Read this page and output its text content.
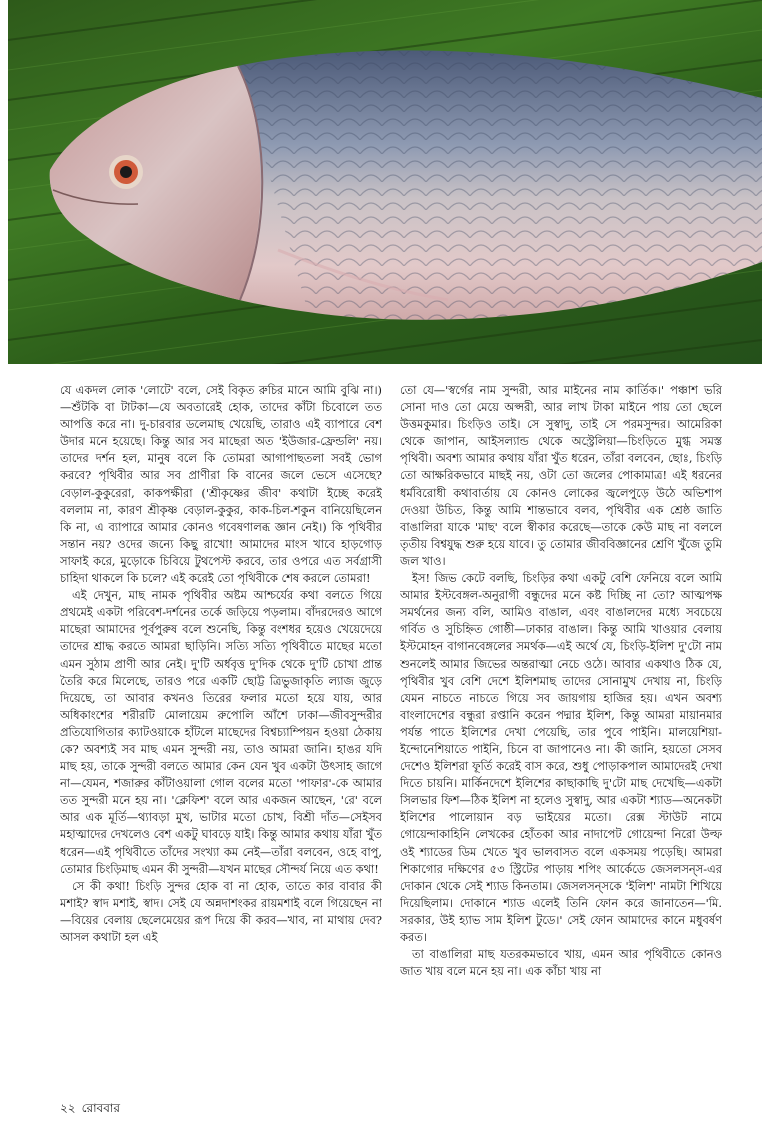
যে একদল লোক 'লোটে' বলে, সেই বিকৃত রুচির মানে আমি বুঝি না।)—শুঁটকি বা টাটকা—যে অবতারেই হোক, তাদের কাঁটা চিবোলে তত আপত্তি করে না। দু-চারবার ডলেমাছ খেয়েছি, তারাও এই ব্যাপারে বেশ উদার মনে হয়েছে। কিন্তু আর সব মাছেরা অত 'ইউজার-ফ্রেন্ডলি' নয়। তাদের দর্শন হল, মানুষ বলে কি তোমরা আগাপাছতলা সবই ভোগ করবে? পৃথিবীর আর সব প্রাণীরা কি বানের জলে ভেসে এসেছে? বেড়াল-কুকুরেরা, কাকপক্ষীরা ('শ্রীকৃষ্ণের জীব' কথাটা ইচ্ছে করেই বললাম না, কারণ শ্রীকৃষ্ণ বেড়াল-কুকুর, কাক-চিল-শকুন বানিয়েছিলেন কি না, এ ব্যাপারে আমার কোনও গবেষণালব্ধ জ্ঞান নেই।) কি পৃথিবীর সন্তান নয়? ওদের জন্যে কিছু রাখো! আমাদের মাংস খাবে হাড়গোড় সাফাই করে, মুড়োকে চিবিয়ে টুথপেস্ট করবে, তার ওপরে এত সর্বগ্রাসী চাহিদা থাকলে কি চলে? এই করেই তো পৃথিবীকে শেষ করলে তোমরা!

এই দেখুন, মাছ নামক পৃথিবীর অষ্টম আশ্চর্যের কথা বলতে গিয়ে প্রথমেই একটা পরিবেশ-দর্শনের তর্কে জড়িয়ে পড়লাম। বাঁদরদেরও আগে মাছেরা আমাদের পূর্বপুরুষ বলে শুনেছি, কিন্তু বংশধর হয়েও খেয়েদেয়ে তাদের শ্রাদ্ধ করতে আমরা ছাড়িনি। সত্যি সত্যি পৃথিবীতে মাছের মতো এমন সুঠাম প্রাণী আর নেই। দু'টি অর্ধবৃত্ত দু'দিক থেকে দু'টি চোখা প্রান্ত তৈরি করে মিলেছে, তারও পরে একটি ছোট্ট ত্রিভুজাকৃতি ল্যাজ জুড়ে দিয়েছে, তা আবার কখনও তিরের ফলার মতো হয়ে যায়, আর অধিকাংশের শরীরটি মোলায়েম রুপোলি আঁশে ঢাকা—জীবসুন্দরীর প্রতিযোগিতার ক্যাটওয়াকে হাঁটলে মাছেদের বিশ্বচ্যাম্পিয়ন হওয়া ঠেকায় কে? অবশ্যই সব মাছ এমন সুন্দরী নয়, তাও আমরা জানি। হাঙর যদি মাছ হয়, তাকে সুন্দরী বলতে আমার কেন যেন খুব একটা উৎসাহ জাগে না—যেমন, শজারুর কাঁটাওয়ালা গোল বলের মতো 'পাফার'-কে আমার তত সুন্দরী মনে হয় না। 'ক্লেফিশ' বলে আর একজন আছেন, 'রে' বলে আর এক মূর্তি—থ্যাবড়া মুখ, ভাটার মতো চোখ, বিশ্রী দাঁত—সেইসব মহাত্মাদের দেখলেও বেশ একটু ঘাবড়ে যাই। কিন্তু আমার কথায় যাঁরা খুঁত ধরেন—এই পৃথিবীতে তাঁদের সংখ্যা কম নেই—তাঁরা বলবেন, ওহে বাপু, তোমার চিংড়িমাছ এমন কী সুন্দরী—যখন মাছের সৌন্দর্য নিয়ে এত কথা!

সে কী কথা! চিংড়ি সুন্দর হোক বা না হোক, তাতে কার বাবার কী মশাই? স্বাদ মশাই, স্বাদ। সেই যে অন্নদাশংকর রায়মশাই বলে গিয়েছেন না—বিয়ের বেলায় ছেলেমেয়ের রূপ দিয়ে কী করব—খাব, না মাথায় দেব? আসল কথাটা হল এই

তো যে—'স্বর্গের নাম সুন্দরী, আর মাইনের নাম কার্তিক।' পঞ্চাশ ভরি সোনা দাও তো মেয়ে অপ্সরী, আর লাখ টাকা মাইনে পায় তো ছেলে উত্তমকুমার। চিংড়িও তাই। সে সুস্বাদু, তাই সে পরমসুন্দর। আমেরিকা থেকে জাপান, আইসল্যান্ড থেকে অস্ট্রেলিয়া—চিংড়িতে মুগ্ধ সমস্ত পৃথিবী। অবশ্য আমার কথায় যাঁরা খুঁত ধরেন, তাঁরা বলবেন, ছোঃ, চিংড়ি তো আক্ষরিকভাবে মাছই নয়, ওটা তো জলের পোকামাত্র! এই ধরনের ধর্মবিরোধী কথাবার্তায় যে কোনও লোকের জ্বলেপুড়ে উঠে অভিশাপ দেওয়া উচিত, কিন্তু আমি শান্তভাবে বলব, পৃথিবীর এক শ্রেষ্ঠ জাতি বাঙালিরা যাকে 'মাছ' বলে স্বীকার করেছে—তাকে কেউ মাছ না বললে তৃতীয় বিশ্বযুদ্ধ শুরু হয়ে যাবে। তু তোমার জীববিজ্ঞানের শ্রেণি খুঁজে তুমি জল খাও।

ইস! জিভ কেটে বলছি, চিংড়ির কথা একটু বেশি ফেনিয়ে বলে আমি আমার ইস্টবেঙ্গল-অনুরাগী বন্ধুদের মনে কষ্ট দিচ্ছি না তো? আত্মপক্ষ সমর্থনের জন্য বলি, আমিও বাঙাল, এবং বাঙালদের মধ্যে সবচেয়ে গর্বিত ও সুচিহ্নিত গোষ্ঠী—ঢাকার বাঙাল। কিন্তু আমি খাওয়ার বেলায় ইস্টমোহন বাগানবেঙ্গলের সমর্থক—এই অর্থে যে, চিংড়ি-ইলিশ দু'টো নাম শুনলেই আমার জিভের অন্তরাত্মা নেচে ওঠে। আবার একথাও ঠিক যে, পৃথিবীর খুব বেশি দেশে ইলিশমাছ তাদের সোনামুখ দেখায় না, চিংড়ি যেমন নাচতে নাচতে গিয়ে সব জায়গায় হাজির হয়। এখন অবশ্য বাংলাদেশের বন্ধুরা রপ্তানি করেন পদ্মার ইলিশ, কিন্তু আমরা মায়ানমার পর্যন্ত পাতে ইলিশের দেখা পেয়েছি, তার পুবে পাইনি। মালয়েশিয়া-ইন্দোনেশিয়াতে পাইনি, চিনে বা জাপানেও না। কী জানি, হয়তো সেসব দেশেও ইলিশরা ফূর্তি করেই বাস করে, শুধু পোড়াকপাল আমাদেরই দেখা দিতে চায়নি। মার্কিনদেশে ইলিশের কাছাকাছি দু'টো মাছ দেখেছি—একটা সিলভার ফিশ—ঠিক ইলিশ না হলেও সুস্বাদু, আর একটা শ্যাড—অনেকটা ইলিশের পালোয়ান বড় ভাইয়ের মতো। রেক্স স্টাউট নামে গোয়েন্দাকাহিনি লেখকের হোঁতকা আর নাদাপেট গোয়েন্দা নিরো উল্ফ ওই শ্যাডের ডিম খেতে খুব ভালবাসত বলে একসময় পড়েছি। আমরা শিকাগোর দক্ষিণের ৫৩ স্ট্রিটের পাড়ায় শপিং আর্কেডে জেসলসন্‌স-এর দোকান থেকে সেই শ্যাড কিনতাম। জেসলসন্‌সকে 'ইলিশ' নামটা শিখিয়ে দিয়েছিলাম। দোকানে শ্যাড এলেই তিনি ফোন করে জানাতেন—'মি. সরকার, উই হ্যাভ সাম ইলিশ টুডে।' সেই ফোন আমাদের কানে মধুবর্ষণ করত।

তা বাঙালিরা মাছ যতরকমভাবে খায়, এমন আর পৃথিবীতে কোনও জাত খায় বলে মনে হয় না। এক কাঁচা খায় না

২২ রোববার
